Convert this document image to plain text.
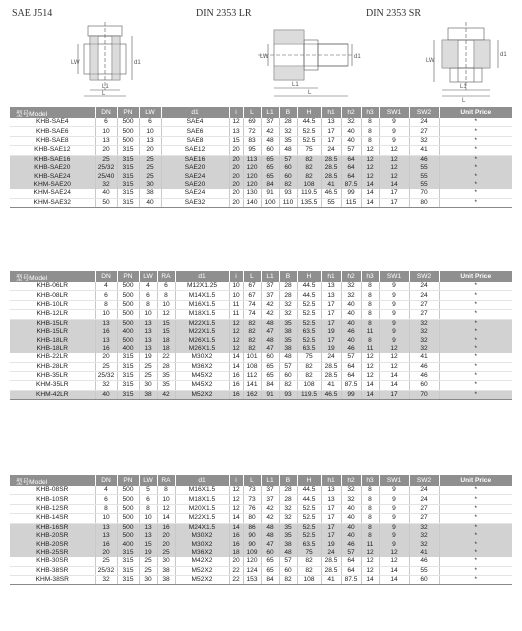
SAE J514	DIN 2353 LR	DIN 2353 SR
LW	d1
L1
L
LW	d1
L1
L
LW
d1
L1
L
型号Model	DN	PN	LW	d1	i	L	L1	B	H	h1	h2	h3	SW1	SW2	Unit Price
KHB-SAE4	6	500	6	SAE4	12	69	37	28	44.5	13	32	8	9	24	*
KHB-SAE6	10	500	10	SAE6	13	72	42	32	52.5	17	40	8	9	27	*
KHB-SAE8	13	500	13	SAE8	15	83	48	35	52.5	17	40	8	9	32	*
KHB-SAE12	20	315	20	SAE12	20	95	60	48	75	24	57	12	12	41	*
KHB-SAE16	25	315	25	SAE16	20	113	65	57	82	28.5	64	12	12	46	*
KHB-SAE20	25/32	315	25	SAE20	20	120	65	60	82	28.5	64	12	12	55	*
KHB-SAE24	25/40	315	25	SAE24	20	120	65	60	82	28.5	64	12	12	55	*
KHM-SAE20	32	315	30	SAE20	20	120	84	82	108	41	87.5	14	14	55	*
KHM-SAE24	40	315	38	SAE24	20	130	91	93	119.5	46.5	99	14	17	70	*
KHM-SAE32	50	315	40	SAE32	20	140	100	110	135.5	55	115	14	17	80	*
型号Model	DN	PN	LW	RA	d1	i	L	L1	B	H	h1	h2	h3	SW1	SW2	Unit Price
KHB-06LR	4	500	4	6	M12X1.25	10	67	37	28	44.5	13	32	8	9	24	*
KHB-08LR	6	500	6	8	M14X1.5	10	67	37	28	44.5	13	32	8	9	24	*
KHB-10LR	8	500	8	10	M16X1.5	11	74	42	32	52.5	17	40	8	9	27	*
KHB-12LR	10	500	10	12	M18X1.5	11	74	42	32	52.5	17	40	8	9	27	*
KHB-15LR	13	500	13	15	M22X1.5	12	82	48	35	52.5	17	40	8	9	32	*
KHB-15LR	16	400	13	15	M22X1.5	12	82	47	38	63.5	19	46	11	9	32	*
KHB-18LR	13	500	13	18	M26X1.5	12	82	48	35	52.5	17	40	8	9	32	*
KHB-18LR	16	400	13	18	M26X1.5	12	82	47	38	63.5	19	46	11	12	32	*
KHB-22LR	20	315	19	22	M30X2	14	101	60	48	75	24	57	12	12	41	*
KHB-28LR	25	315	25	28	M36X2	14	108	65	57	82	28.5	64	12	12	46	*
KHB-35LR	25/32	315	25	35	M45X2	16	112	65	60	82	28.5	64	12	14	46	*
KHM-35LR	32	315	30	35	M45X2	16	141	84	82	108	41	87.5	14	14	60	*
KHM-42LR	40	315	38	42	M52X2	16	162	91	93	119.5	46.5	99	14	17	70	*
型号Model	DN	PN	LW	RA	d1	i	L	L1	B	H	h1	h2	h3	SW1	SW2	Unit Price
KHB-08SR	4	500	5	8	M16X1.5	12	73	37	28	44.5	13	32	8	9	24	*
KHB-10SR	6	500	6	10	M18X1.5	12	73	37	28	44.5	13	32	8	9	24	*
KHB-12SR	8	500	8	12	M20X1.5	12	76	42	32	52.5	17	40	8	9	27	*
KHB-14SR	10	500	10	14	M22X1.5	14	80	42	32	52.5	17	40	8	9	27	*
KHB-16SR	13	500	13	16	M24X1.5	14	86	48	35	52.5	17	40	8	9	32	*
KHB-20SR	13	500	13	20	M30X2	16	90	48	35	52.5	17	40	8	9	32	*
KHB-20SR	16	400	15	20	M30X2	16	90	47	38	63.5	19	46	11	9	32	*
KHB-25SR	20	315	19	25	M36X2	18	109	60	48	75	24	57	12	12	41	*
KHB-30SR	25	315	25	30	M42X2	20	120	65	57	82	28.5	64	12	12	46	*
KHB-38SR	25/32	315	25	38	M52X2	22	124	65	60	82	28.5	64	12	14	55	*
KHM-38SR	32	315	30	38	M52X2	22	153	84	82	108	41	87.5	14	14	60	*
